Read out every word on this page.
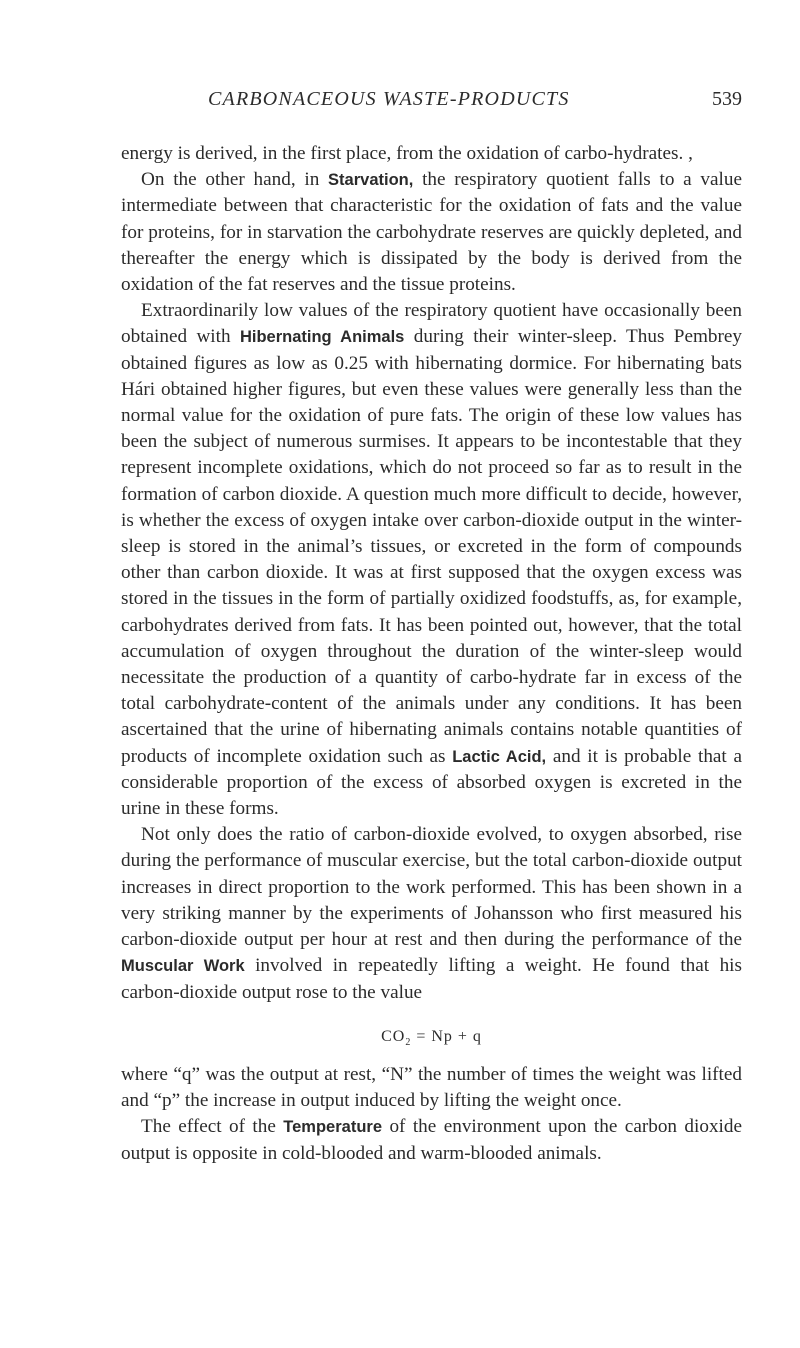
CARBONACEOUS WASTE-PRODUCTS	539

energy is derived, in the first place, from the oxidation of carbo-hydrates. ,

On the other hand, in Starvation, the respiratory quotient falls to a value intermediate between that characteristic for the oxidation of fats and the value for proteins, for in starvation the carbohydrate reserves are quickly depleted, and thereafter the energy which is dissipated by the body is derived from the oxidation of the fat reserves and the tissue proteins.

Extraordinarily low values of the respiratory quotient have occasionally been obtained with Hibernating Animals during their winter-sleep. Thus Pembrey obtained figures as low as 0.25 with hibernating dormice. For hibernating bats Hári obtained higher figures, but even these values were generally less than the normal value for the oxidation of pure fats. The origin of these low values has been the subject of numerous surmises. It appears to be incontestable that they represent incomplete oxidations, which do not proceed so far as to result in the formation of carbon dioxide. A question much more difficult to decide, however, is whether the excess of oxygen intake over carbon-dioxide output in the winter-sleep is stored in the animal’s tissues, or excreted in the form of compounds other than carbon dioxide. It was at first supposed that the oxygen excess was stored in the tissues in the form of partially oxidized foodstuffs, as, for example, carbohydrates derived from fats. It has been pointed out, however, that the total accumulation of oxygen throughout the duration of the winter-sleep would necessitate the production of a quantity of carbo-hydrate far in excess of the total carbohydrate-content of the animals under any conditions. It has been ascertained that the urine of hibernating animals contains notable quantities of products of incomplete oxidation such as Lactic Acid, and it is probable that a considerable proportion of the excess of absorbed oxygen is excreted in the urine in these forms.

Not only does the ratio of carbon-dioxide evolved, to oxygen absorbed, rise during the performance of muscular exercise, but the total carbon-dioxide output increases in direct proportion to the work performed. This has been shown in a very striking manner by the experiments of Johansson who first measured his carbon-dioxide output per hour at rest and then during the performance of the Muscular Work involved in repeatedly lifting a weight. He found that his carbon-dioxide output rose to the value

$CO_2 = Np + q$

where “q” was the output at rest, “N” the number of times the weight was lifted and “p” the increase in output induced by lifting the weight once.

The effect of the Temperature of the environment upon the carbon dioxide output is opposite in cold-blooded and warm-blooded animals.
